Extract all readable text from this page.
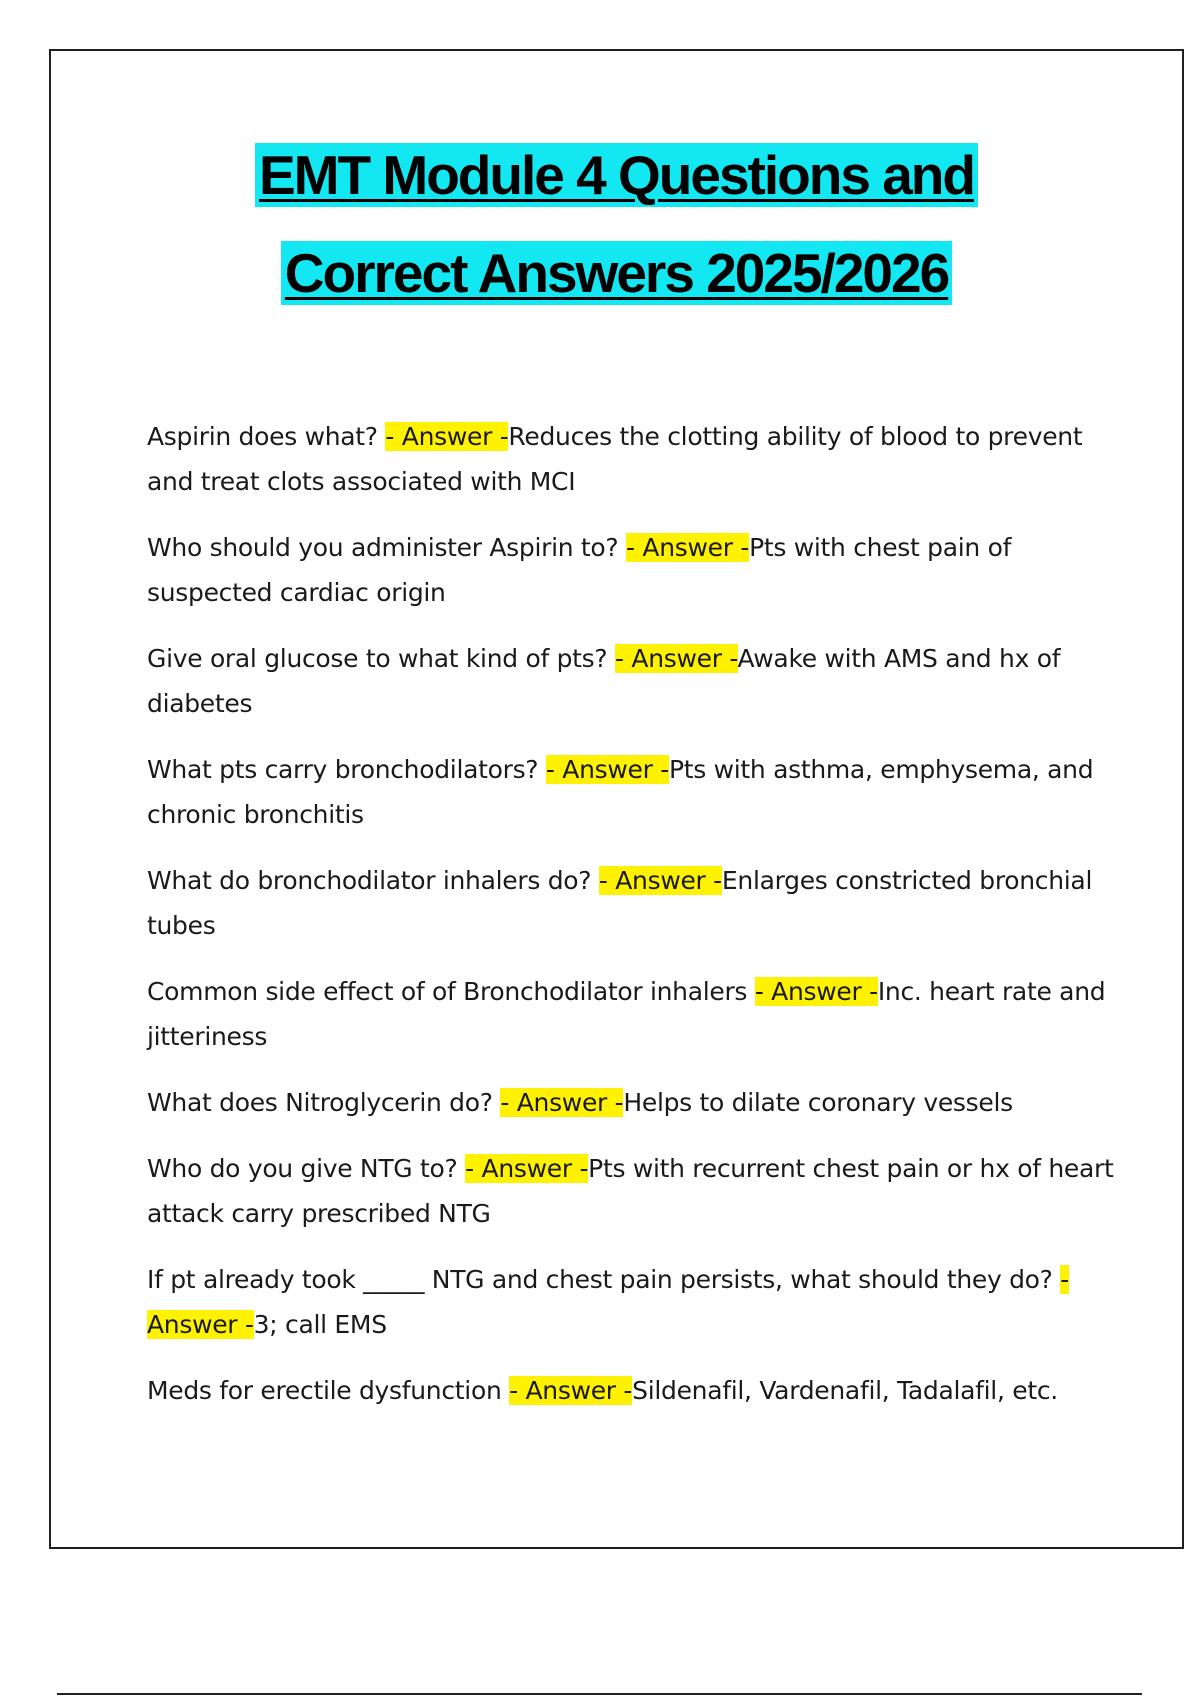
EMT Module 4 Questions and
Correct Answers 2025/2026

Aspirin does what? - Answer -Reduces the clotting ability of blood to prevent and treat clots associated with MCI

Who should you administer Aspirin to? - Answer -Pts with chest pain of suspected cardiac origin

Give oral glucose to what kind of pts? - Answer -Awake with AMS and hx of diabetes

What pts carry bronchodilators? - Answer -Pts with asthma, emphysema, and chronic bronchitis

What do bronchodilator inhalers do? - Answer -Enlarges constricted bronchial tubes

Common side effect of of Bronchodilator inhalers - Answer -Inc. heart rate and jitteriness

What does Nitroglycerin do? - Answer -Helps to dilate coronary vessels

Who do you give NTG to? - Answer -Pts with recurrent chest pain or hx of heart attack carry prescribed NTG

If pt already took _____ NTG and chest pain persists, what should they do? - Answer -3; call EMS

Meds for erectile dysfunction - Answer -Sildenafil, Vardenafil, Tadalafil, etc.
